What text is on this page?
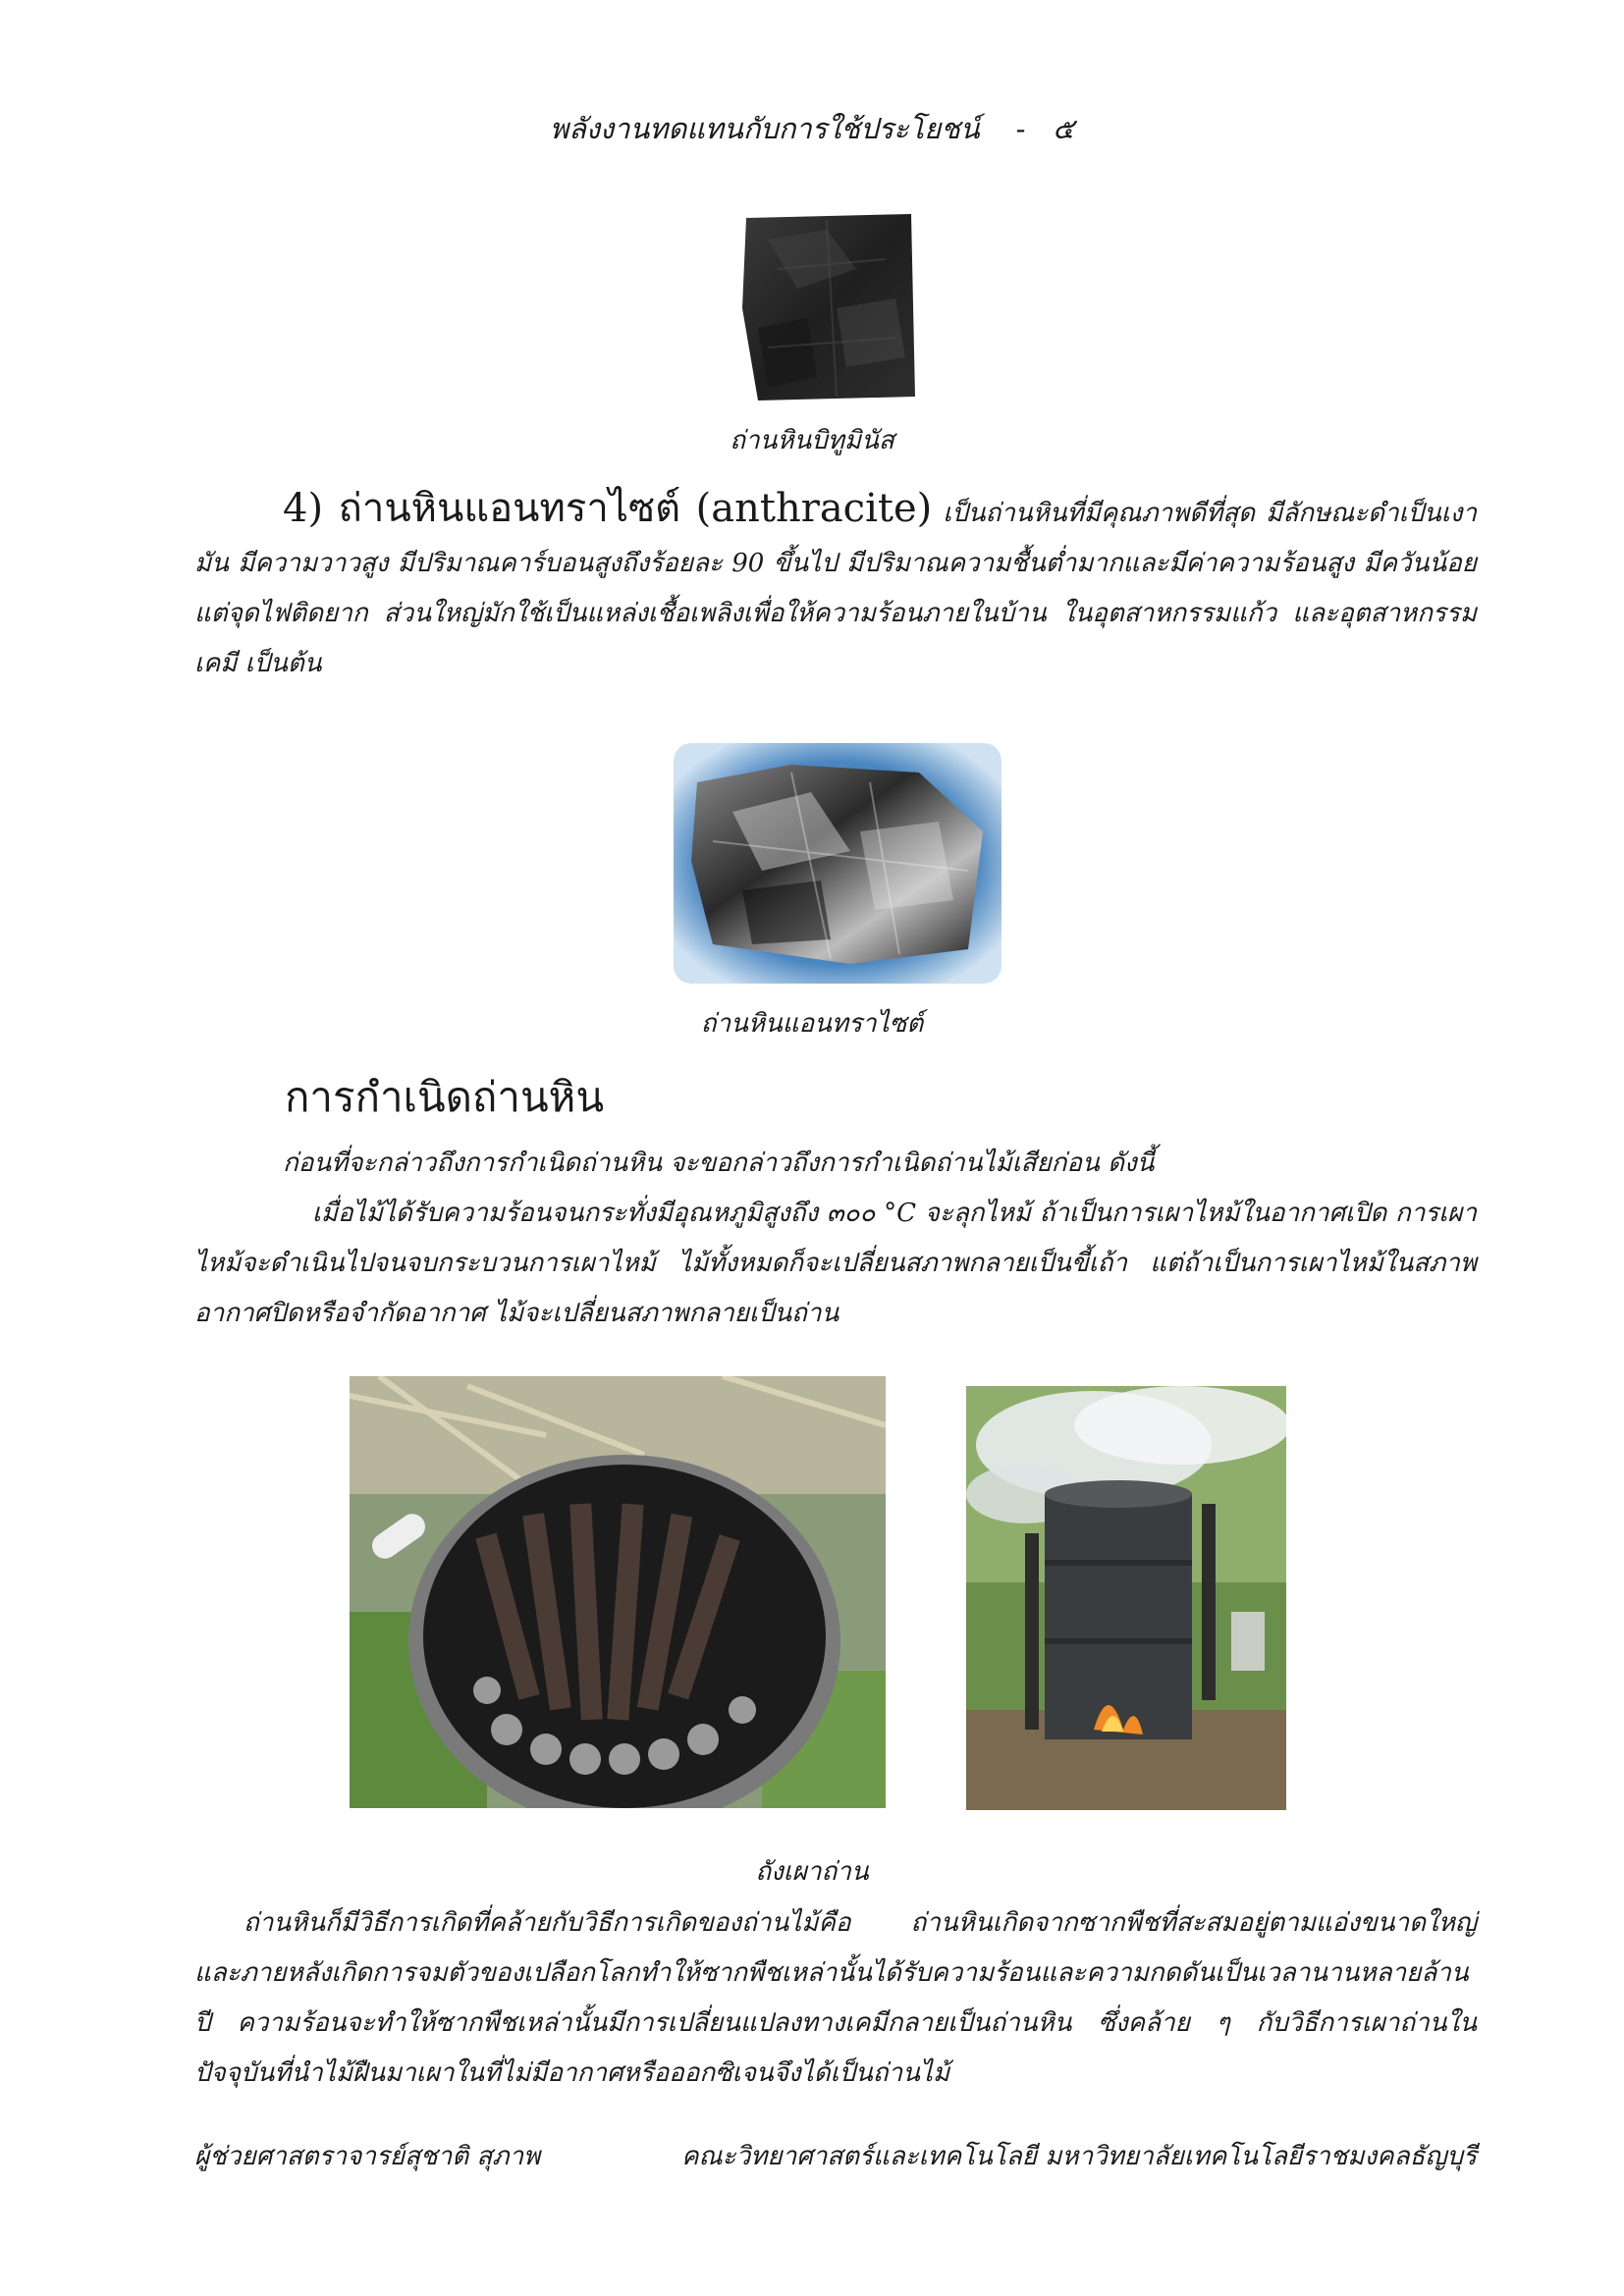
พลังงานทดแทนกับการใช้ประโยชน์ - ๕
ถ่านหินบิทูมินัส
4) ถ่านหินแอนทราไซต์ (anthracite) เป็นถ่านหินที่มีคุณภาพดีที่สุด มีลักษณะดำเป็นเงามัน มีความวาวสูง มีปริมาณคาร์บอนสูงถึงร้อยละ 90 ขึ้นไป มีปริมาณความชื้นต่ำมากและมีค่าความร้อนสูง มีควันน้อย แต่จุดไฟติดยาก ส่วนใหญ่มักใช้เป็นแหล่งเชื้อเพลิงเพื่อให้ความร้อนภายในบ้าน ในอุตสาหกรรมแก้ว และอุตสาหกรรมเคมี เป็นต้น
ถ่านหินแอนทราไซต์
การกำเนิดถ่านหิน
ก่อนที่จะกล่าวถึงการกำเนิดถ่านหิน จะขอกล่าวถึงการกำเนิดถ่านไม้เสียก่อน ดังนี้
เมื่อไม้ได้รับความร้อนจนกระทั่งมีอุณหภูมิสูงถึง ๓๐๐ °C จะลุกไหม้ ถ้าเป็นการเผาไหม้ในอากาศเปิด การเผาไหม้จะดำเนินไปจนจบกระบวนการเผาไหม้ ไม้ทั้งหมดก็จะเปลี่ยนสภาพกลายเป็นขี้เถ้า แต่ถ้าเป็นการเผาไหม้ในสภาพอากาศปิดหรือจำกัดอากาศ ไม้จะเปลี่ยนสภาพกลายเป็นถ่าน
ถังเผาถ่าน
ถ่านหินก็มีวิธีการเกิดที่คล้ายกับวิธีการเกิดของถ่านไม้คือ ถ่านหินเกิดจากซากพืชที่สะสมอยู่ตามแอ่งขนาดใหญ่ และภายหลังเกิดการจมตัวของเปลือกโลกทำให้ซากพืชเหล่านั้นได้รับความร้อนและความกดดันเป็นเวลานานหลายล้านปี ความร้อนจะทำให้ซากพืชเหล่านั้นมีการเปลี่ยนแปลงทางเคมีกลายเป็นถ่านหิน ซึ่งคล้าย ๆ กับวิธีการเผาถ่านในปัจจุบันที่นำไม้ฝืนมาเผาในที่ไม่มีอากาศหรือออกซิเจนจึงได้เป็นถ่านไม้
ผู้ช่วยศาสตราจารย์สุชาติ สุภาพ	คณะวิทยาศาสตร์และเทคโนโลยี มหาวิทยาลัยเทคโนโลยีราชมงคลธัญบุรี
